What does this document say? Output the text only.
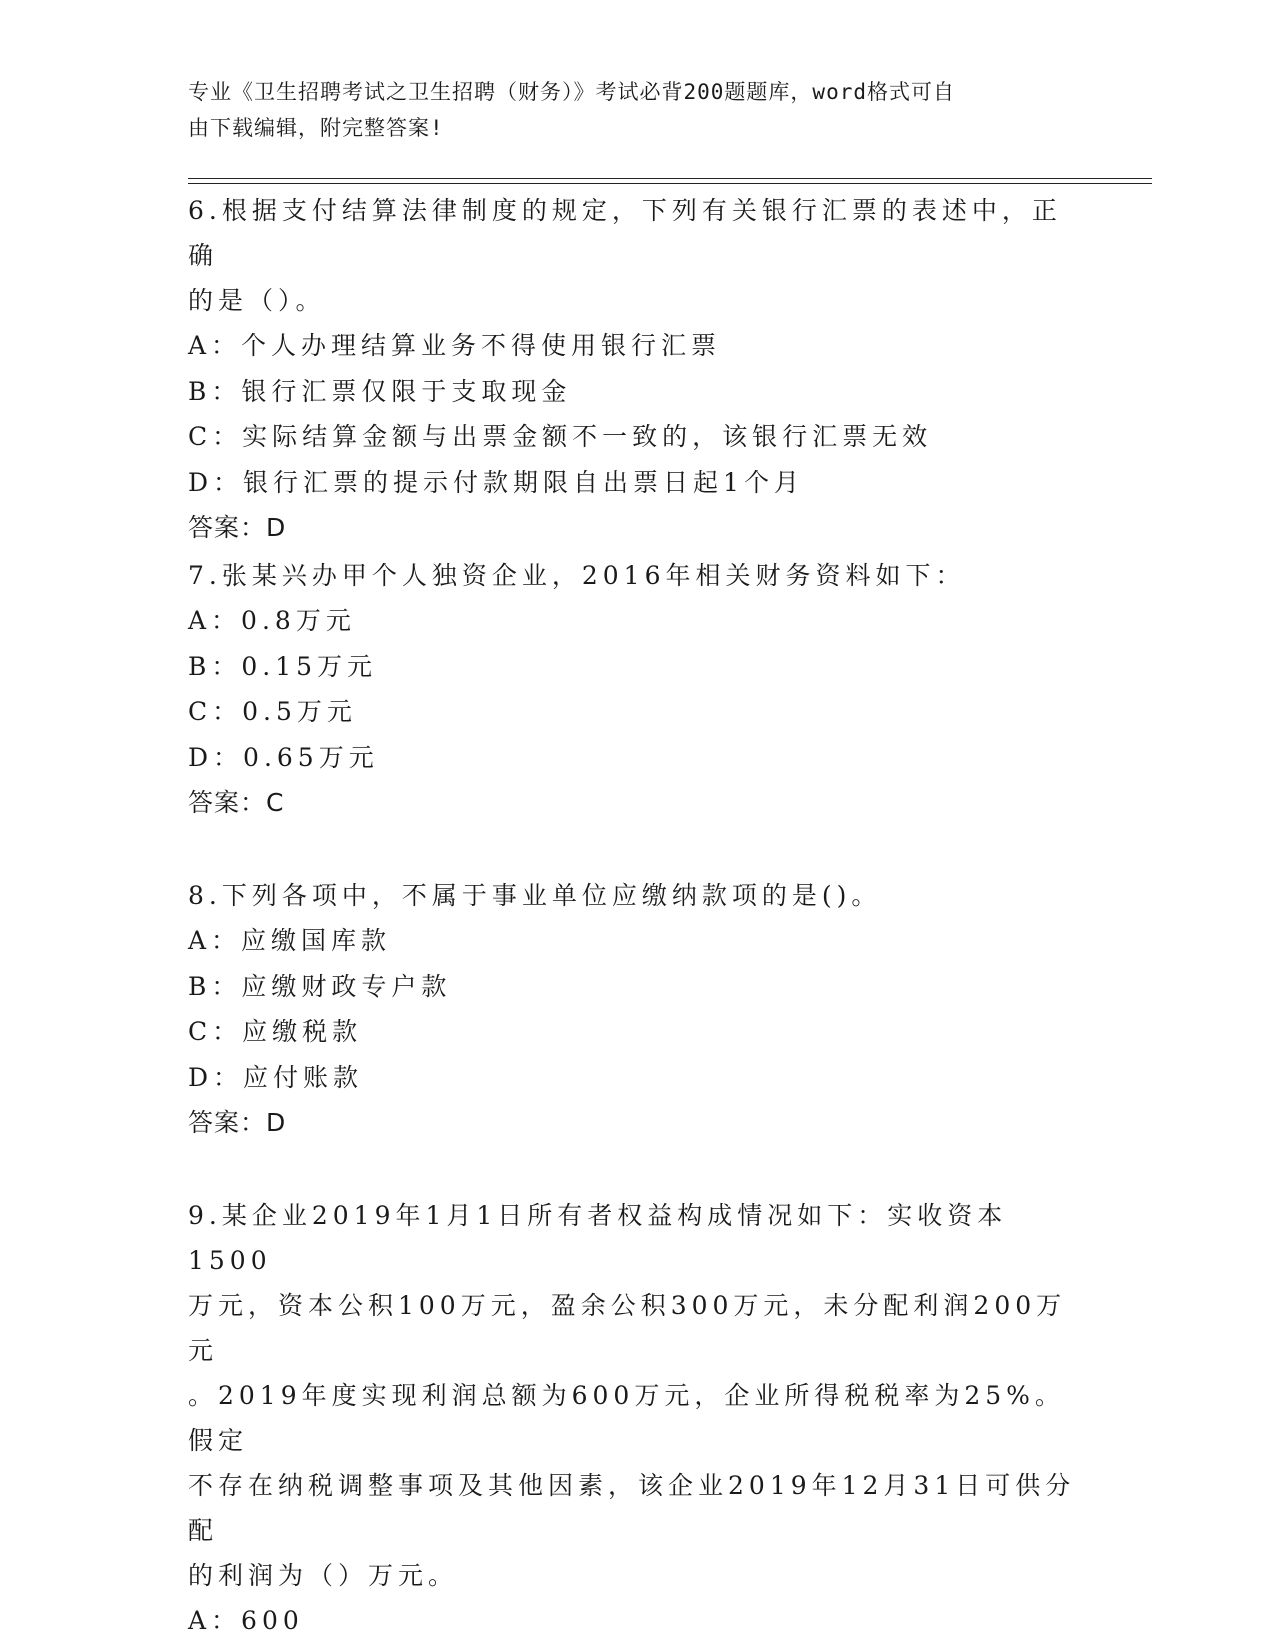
专业《卫生招聘考试之卫生招聘（财务）》考试必背200题题库，word格式可自
由下载编辑，附完整答案!

6.根据支付结算法律制度的规定，下列有关银行汇票的表述中，正确

的是（）。

A：个人办理结算业务不得使用银行汇票

B：银行汇票仅限于支取现金

C：实际结算金额与出票金额不一致的，该银行汇票无效

D：银行汇票的提示付款期限自出票日起1个月

答案：D

7.张某兴办甲个人独资企业，2016年相关财务资料如下：

A：0.8万元

B：0.15万元

C：0.5万元

D：0.65万元

答案：C

8.下列各项中，不属于事业单位应缴纳款项的是()。

A：应缴国库款

B：应缴财政专户款

C：应缴税款

D：应付账款

答案：D

9.某企业2019年1月1日所有者权益构成情况如下：实收资本1500

万元，资本公积100万元，盈余公积300万元，未分配利润200万元

。2019年度实现利润总额为600万元，企业所得税税率为25%。假定

不存在纳税调整事项及其他因素，该企业2019年12月31日可供分配

的利润为（）万元。

A：600
